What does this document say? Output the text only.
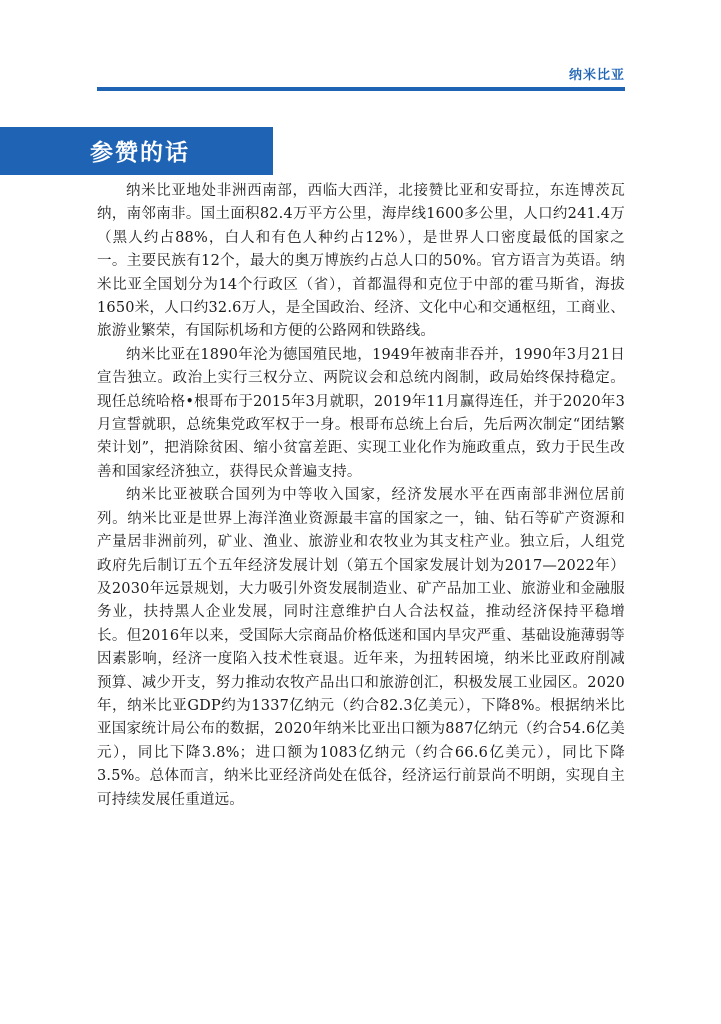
纳米比亚
参赞的话

纳米比亚地处非洲西南部，西临大西洋，北接赞比亚和安哥拉，东连博茨瓦纳，南邻南非。国土面积82.4万平方公里，海岸线1600多公里，人口约241.4万（黑人约占88%，白人和有色人种约占12%），是世界人口密度最低的国家之一。主要民族有12个，最大的奥万博族约占总人口的50%。官方语言为英语。纳米比亚全国划分为14个行政区（省），首都温得和克位于中部的霍马斯省，海拔1650米，人口约32.6万人，是全国政治、经济、文化中心和交通枢纽，工商业、旅游业繁荣，有国际机场和方便的公路网和铁路线。

纳米比亚在1890年沦为德国殖民地，1949年被南非吞并，1990年3月21日宣告独立。政治上实行三权分立、两院议会和总统内阁制，政局始终保持稳定。现任总统哈格•根哥布于2015年3月就职，2019年11月赢得连任，并于2020年3月宣誓就职，总统集党政军权于一身。根哥布总统上台后，先后两次制定“团结繁荣计划”，把消除贫困、缩小贫富差距、实现工业化作为施政重点，致力于民生改善和国家经济独立，获得民众普遍支持。

纳米比亚被联合国列为中等收入国家，经济发展水平在西南部非洲位居前列。纳米比亚是世界上海洋渔业资源最丰富的国家之一，铀、钻石等矿产资源和产量居非洲前列，矿业、渔业、旅游业和农牧业为其支柱产业。独立后，人组党政府先后制订五个五年经济发展计划（第五个国家发展计划为2017—2022年）及2030年远景规划，大力吸引外资发展制造业、矿产品加工业、旅游业和金融服务业，扶持黑人企业发展，同时注意维护白人合法权益，推动经济保持平稳增长。但2016年以来，受国际大宗商品价格低迷和国内旱灾严重、基础设施薄弱等因素影响，经济一度陷入技术性衰退。近年来，为扭转困境，纳米比亚政府削减预算、减少开支，努力推动农牧产品出口和旅游创汇，积极发展工业园区。2020年，纳米比亚GDP约为1337亿纳元（约合82.3亿美元），下降8%。根据纳米比亚国家统计局公布的数据，2020年纳米比亚出口额为887亿纳元（约合54.6亿美元），同比下降3.8%；进口额为1083亿纳元（约合66.6亿美元），同比下降3.5%。总体而言，纳米比亚经济尚处在低谷，经济运行前景尚不明朗，实现自主可持续发展任重道远。
